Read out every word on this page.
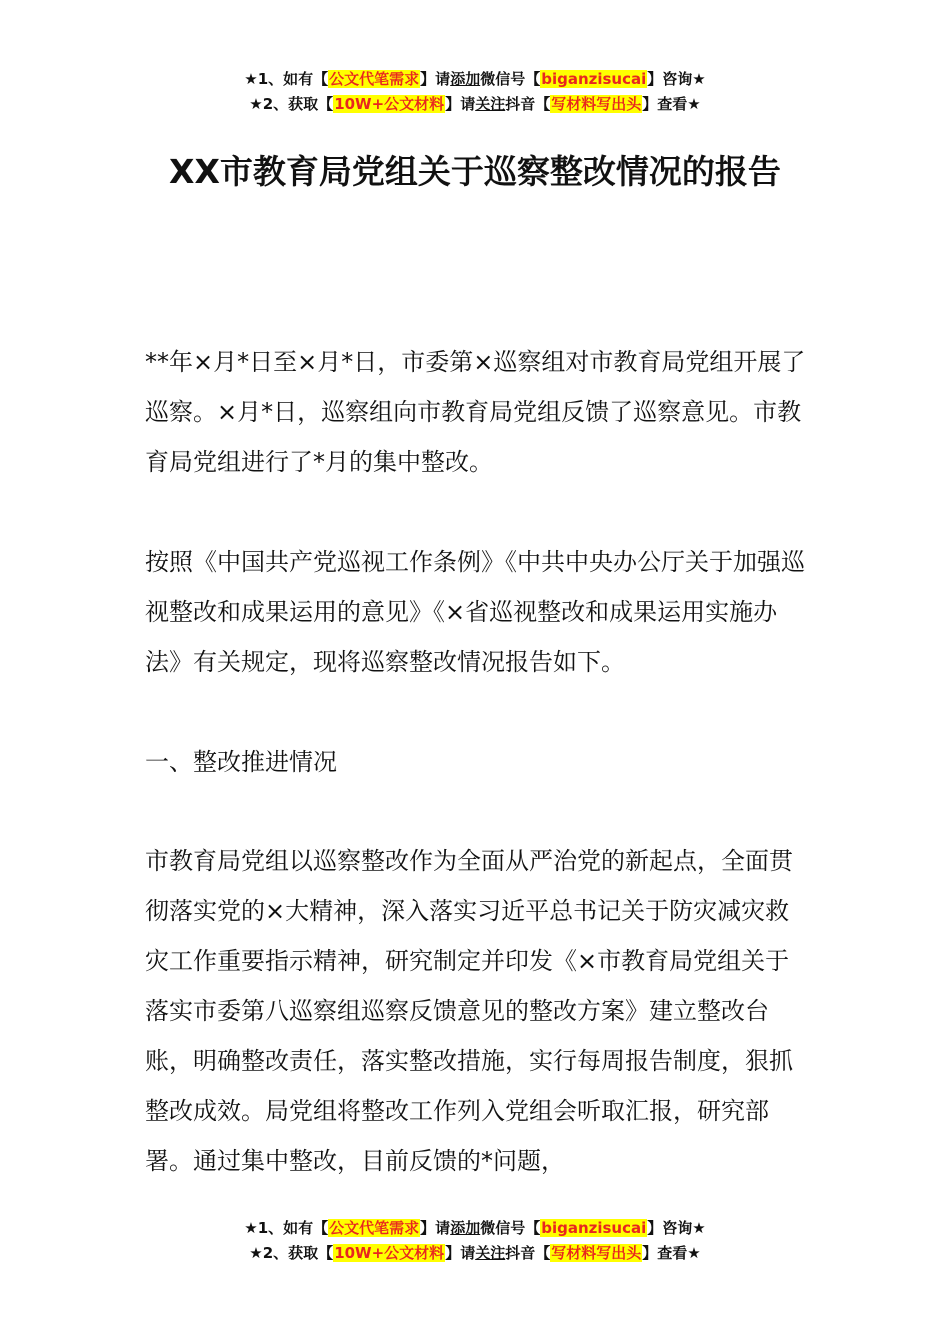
★1、如有【公文代笔需求】请添加微信号【biganzisucai】咨询★
★2、获取【10W+公文材料】请关注抖音【写材料写出头】查看★
XX市教育局党组关于巡察整改情况的报告

**年×月*日至×月*日，市委第×巡察组对市教育局党组开展了巡察。×月*日，巡察组向市教育局党组反馈了巡察意见。市教育局党组进行了*月的集中整改。

按照《中国共产党巡视工作条例》《中共中央办公厅关于加强巡视整改和成果运用的意见》《×省巡视整改和成果运用实施办法》有关规定，现将巡察整改情况报告如下。

一、整改推进情况

市教育局党组以巡察整改作为全面从严治党的新起点，全面贯彻落实党的×大精神，深入落实习近平总书记关于防灾减灾救灾工作重要指示精神，研究制定并印发《×市教育局党组关于落实市委第八巡察组巡察反馈意见的整改方案》建立整改台账，明确整改责任，落实整改措施，实行每周报告制度，狠抓整改成效。局党组将整改工作列入党组会听取汇报，研究部署。通过集中整改，目前反馈的*问题，

★1、如有【公文代笔需求】请添加微信号【biganzisucai】咨询★
★2、获取【10W+公文材料】请关注抖音【写材料写出头】查看★
